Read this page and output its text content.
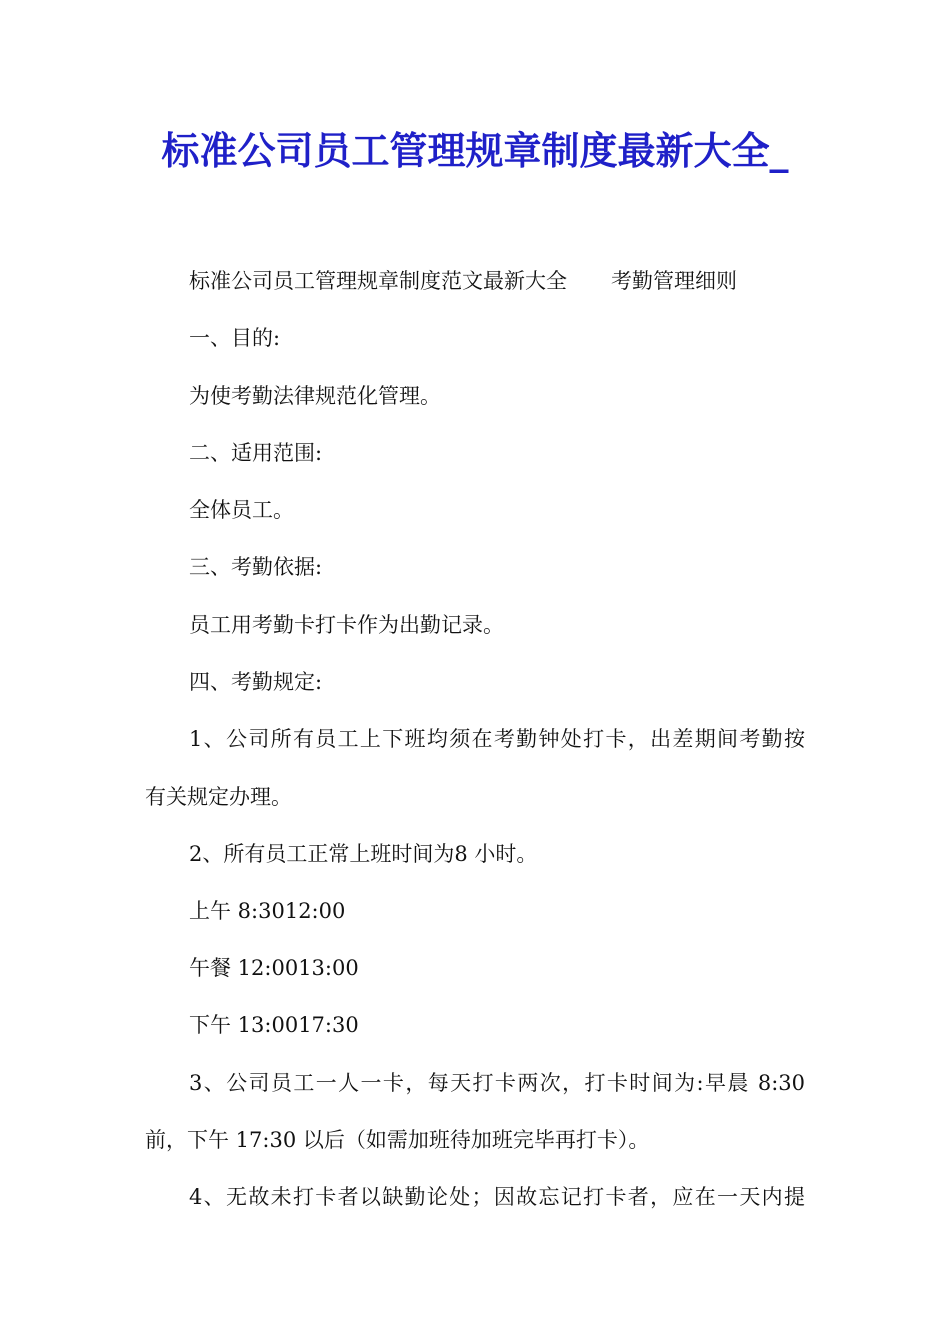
标准公司员工管理规章制度最新大全_

标准公司员工管理规章制度范文最新大全 考勤管理细则

一、目的:

为使考勤法律规范化管理。

二、适用范围:

全体员工。

三、考勤依据:

员工用考勤卡打卡作为出勤记录。

四、考勤规定:

1、公司所有员工上下班均须在考勤钟处打卡，出差期间考勤按

有关规定办理。

2、所有员工正常上班时间为8 小时。

上午 8:3012:00

午餐 12:0013:00

下午 13:0017:30

3、公司员工一人一卡，每天打卡两次，打卡时间为:早晨 8:30

前，下午 17:30 以后（如需加班待加班完毕再打卡）。

4、无故未打卡者以缺勤论处；因故忘记打卡者，应在一天内提
